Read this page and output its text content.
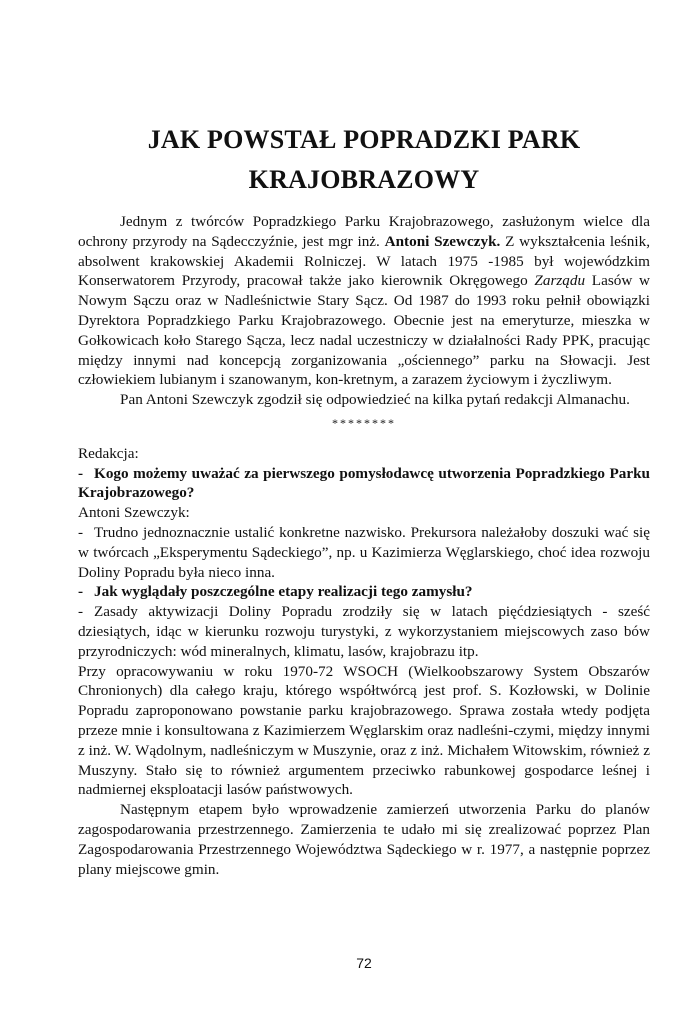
JAK POWSTAŁ POPRADZKI PARK
KRAJOBRAZOWY

Jednym z twórców Popradzkiego Parku Krajobrazowego, zasłużonym wielce dla ochrony przyrody na Sądecczyźnie, jest mgr inż. Antoni Szewczyk. Z wykształcenia leśnik, absolwent krakowskiej Akademii Rolniczej. W latach 1975 -1985 był wojewódzkim Konserwatorem Przyrody, pracował także jako kierownik Okręgowego Zarządu Lasów w Nowym Sączu oraz w Nadleśnictwie Stary Sącz. Od 1987 do 1993 roku pełnił obowiązki Dyrektora Popradzkiego Parku Krajobrazowego. Obecnie jest na emeryturze, mieszka w Gołkowicach koło Starego Sącza, lecz nadal uczestniczy w działalności Rady PPK, pracując między innymi nad koncepcją zorganizowania „ościennego” parku na Słowacji. Jest człowiekiem lubianym i szanowanym, kon-kretnym, a zarazem życiowym i życzliwym.

Pan Antoni Szewczyk zgodził się odpowiedzieć na kilka pytań redakcji Almanachu.

********

Redakcja:

- Kogo możemy uważać za pierwszego pomysłodawcę utworzenia Popradzkiego Parku Krajobrazowego?

Antoni Szewczyk:

- Trudno jednoznacznie ustalić konkretne nazwisko. Prekursora należałoby doszuki wać się w twórcach „Eksperymentu Sądeckiego”, np. u Kazimierza Węglarskiego, choć idea rozwoju Doliny Popradu była nieco inna.

- Jak wyglądały poszczególne etapy realizacji tego zamysłu?

- Zasady aktywizacji Doliny Popradu zrodziły się w latach pięćdziesiątych - sześć dziesiątych, idąc w kierunku rozwoju turystyki, z wykorzystaniem miejscowych zaso bów przyrodniczych: wód mineralnych, klimatu, lasów, krajobrazu itp.

Przy opracowywaniu w roku 1970-72 WSOCH (Wielkoobszarowy System Obszarów Chronionych) dla całego kraju, którego współtwórcą jest prof. S. Kozłowski, w Dolinie Popradu zaproponowano powstanie parku krajobrazowego. Sprawa została wtedy podjęta przeze mnie i konsultowana z Kazimierzem Węglarskim oraz nadleśni-czymi, między innymi z inż. W. Wądolnym, nadleśniczym w Muszynie, oraz z inż. Michałem Witowskim, również z Muszyny. Stało się to również argumentem przeciwko rabunkowej gospodarce leśnej i nadmiernej eksploatacji lasów państwowych.

Następnym etapem było wprowadzenie zamierzeń utworzenia Parku do planów zagospodarowania przestrzennego. Zamierzenia te udało mi się zrealizować poprzez Plan Zagospodarowania Przestrzennego Województwa Sądeckiego w r. 1977, a następnie poprzez plany miejscowe gmin.

72
